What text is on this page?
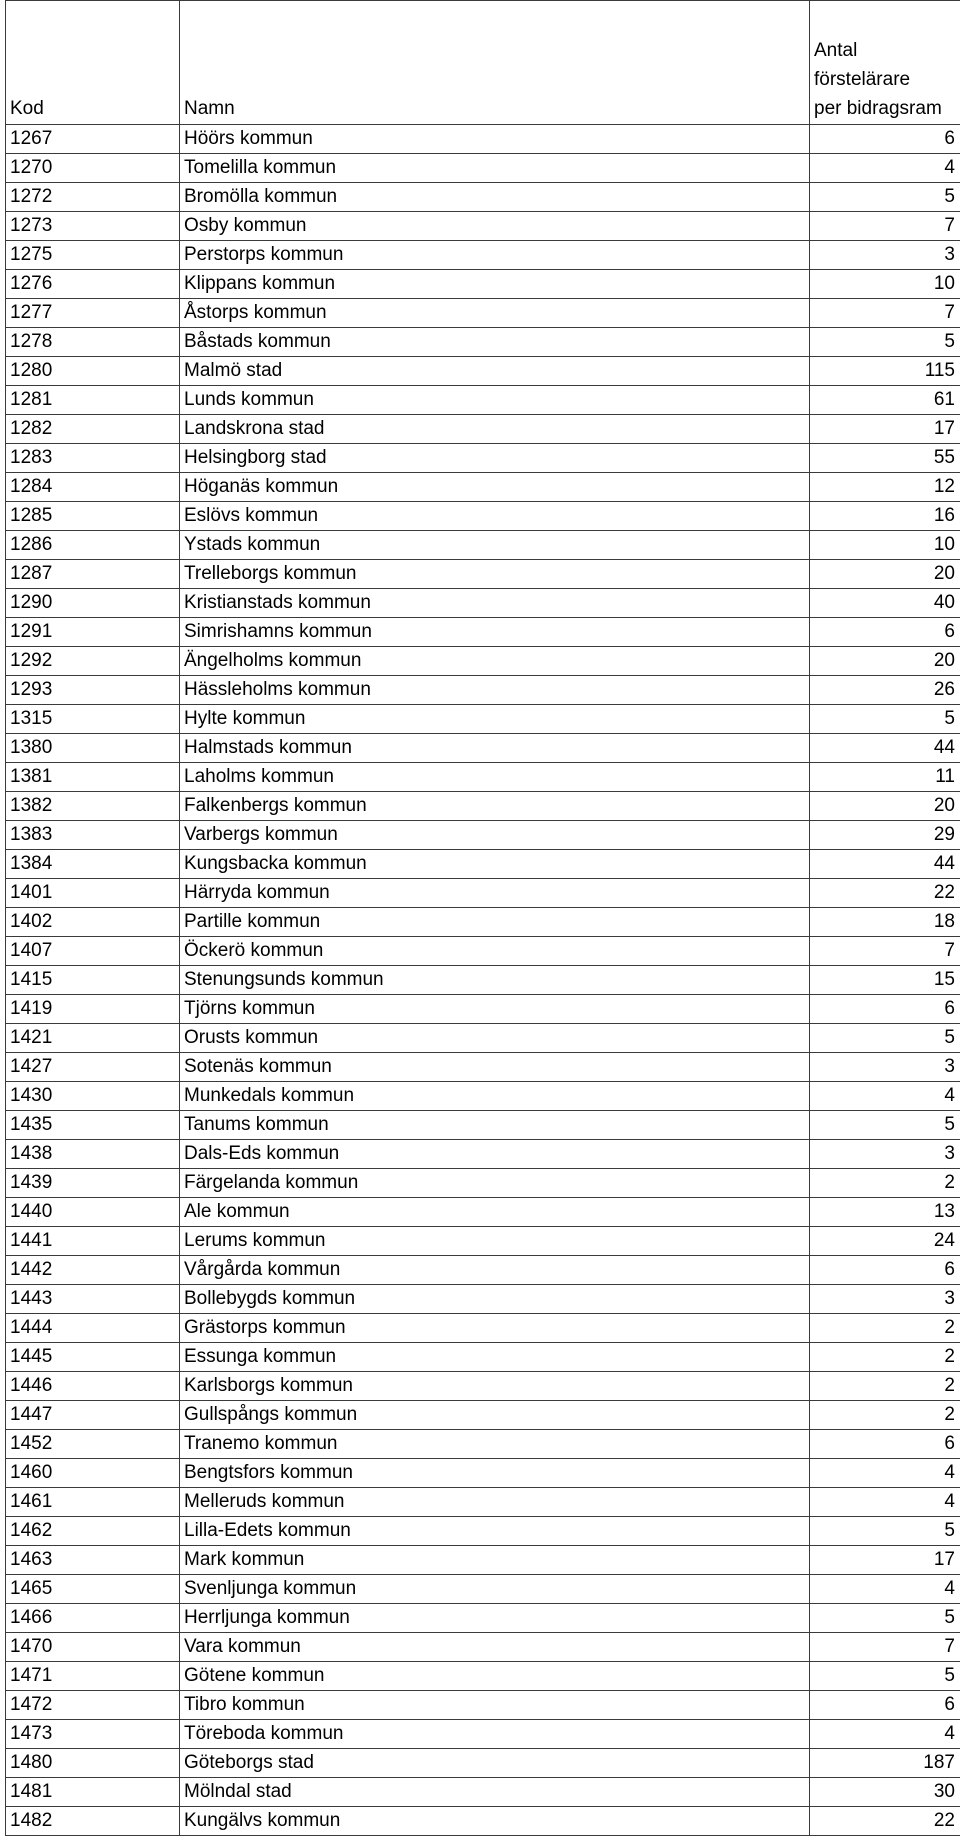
Kod	Namn	Antal
förstelärare
per bidragsram

1267	Höörs kommun	6
1270	Tomelilla kommun	4
1272	Bromölla kommun	5
1273	Osby kommun	7
1275	Perstorps kommun	3
1276	Klippans kommun	10
1277	Åstorps kommun	7
1278	Båstads kommun	5
1280	Malmö stad	115
1281	Lunds kommun	61
1282	Landskrona stad	17
1283	Helsingborg stad	55
1284	Höganäs kommun	12
1285	Eslövs kommun	16
1286	Ystads kommun	10
1287	Trelleborgs kommun	20
1290	Kristianstads kommun	40
1291	Simrishamns kommun	6
1292	Ängelholms kommun	20
1293	Hässleholms kommun	26
1315	Hylte kommun	5
1380	Halmstads kommun	44
1381	Laholms kommun	11
1382	Falkenbergs kommun	20
1383	Varbergs kommun	29
1384	Kungsbacka kommun	44
1401	Härryda kommun	22
1402	Partille kommun	18
1407	Öckerö kommun	7
1415	Stenungsunds kommun	15
1419	Tjörns kommun	6
1421	Orusts kommun	5
1427	Sotenäs kommun	3
1430	Munkedals kommun	4
1435	Tanums kommun	5
1438	Dals-Eds kommun	3
1439	Färgelanda kommun	2
1440	Ale kommun	13
1441	Lerums kommun	24
1442	Vårgårda kommun	6
1443	Bollebygds kommun	3
1444	Grästorps kommun	2
1445	Essunga kommun	2
1446	Karlsborgs kommun	2
1447	Gullspångs kommun	2
1452	Tranemo kommun	6
1460	Bengtsfors kommun	4
1461	Melleruds kommun	4
1462	Lilla-Edets kommun	5
1463	Mark kommun	17
1465	Svenljunga kommun	4
1466	Herrljunga kommun	5
1470	Vara kommun	7
1471	Götene kommun	5
1472	Tibro kommun	6
1473	Töreboda kommun	4
1480	Göteborgs stad	187
1481	Mölndal stad	30
1482	Kungälvs kommun	22
